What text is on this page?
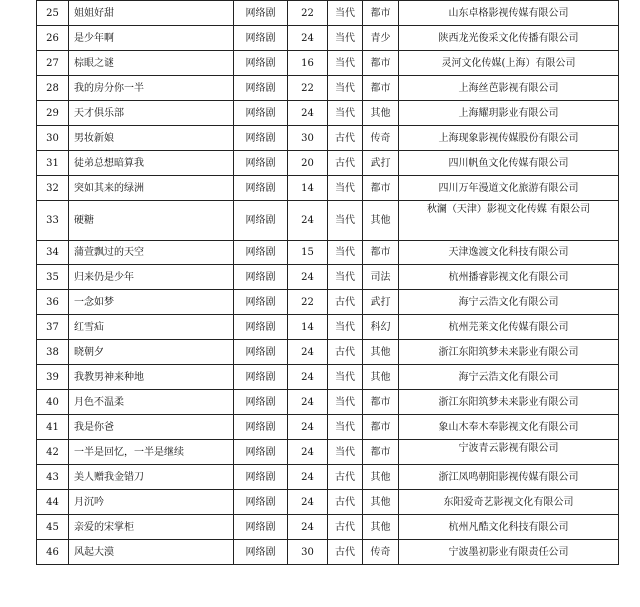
25	姐姐好甜	网络剧	22	当代	都市	山东卓格影视传媒有限公司
26	是少年啊	网络剧	24	当代	青少	陕西龙光俊采文化传播有限公司
27	棕眼之谜	网络剧	16	当代	都市	灵河文化传媒(上海）有限公司
28	我的房分你一半	网络剧	22	当代	都市	上海丝芭影视有限公司
29	天才俱乐部	网络剧	24	当代	其他	上海耀玥影业有限公司
30	男妆新娘	网络剧	30	古代	传奇	上海现象影视传媒股份有限公司
31	徒弟总想暗算我	网络剧	20	古代	武打	四川帆鱼文化传媒有限公司
32	突如其来的绿洲	网络剧	14	当代	都市	四川万年漫道文化旅游有限公司
33	硬糖	网络剧	24	当代	其他	秋澜（天津）影视文化传媒 有限公司
34	蒲萱飘过的天空	网络剧	15	当代	都市	天津逸渡文化科技有限公司
35	归来仍是少年	网络剧	24	当代	司法	杭州播睿影视文化有限公司
36	一念如梦	网络剧	22	古代	武打	海宁云浩文化有限公司
37	红雪疝	网络剧	14	当代	科幻	杭州芫莱文化传媒有限公司
38	晓朝夕	网络剧	24	古代	其他	浙江东阳筑梦未来影业有限公司
39	我教男神来种地	网络剧	24	当代	其他	海宁云浩文化有限公司
40	月色不温柔	网络剧	24	当代	都市	浙江东阳筑梦未来影业有限公司
41	我是你爸	网络剧	24	当代	都市	象山木奉木奉影视文化有限公司
42	一半是回忆，一半是继续	网络剧	24	当代	都市	宁波青云影视有限公司
43	美人赠我金错刀	网络剧	24	古代	其他	浙江凤鸣朝阳影视传媒有限公司
44	月沉吟	网络剧	24	古代	其他	东阳爱奇艺影视文化有限公司
45	亲爱的宋掌柜	网络剧	24	古代	其他	杭州凡酷文化科技有限公司
46	风起大漠	网络剧	30	古代	传奇	宁波墨初影业有限责任公司
